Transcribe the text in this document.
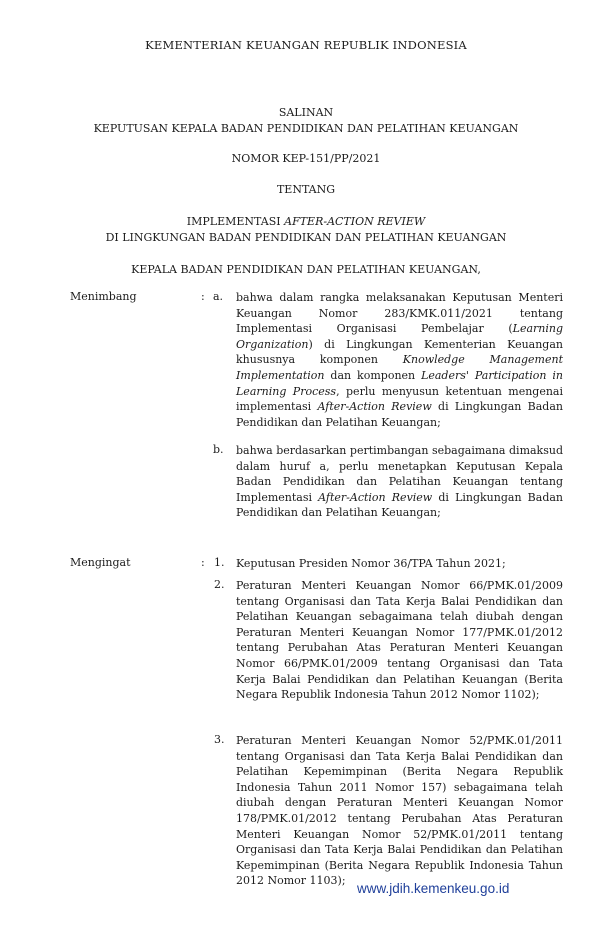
KEMENTERIAN KEUANGAN REPUBLIK INDONESIA
SALINAN
KEPUTUSAN KEPALA BADAN PENDIDIKAN DAN PELATIHAN KEUANGAN
NOMOR KEP-151/PP/2021
TENTANG
IMPLEMENTASI AFTER-ACTION REVIEW
DI LINGKUNGAN BADAN PENDIDIKAN DAN PELATIHAN KEUANGAN
KEPALA BADAN PENDIDIKAN DAN PELATIHAN KEUANGAN,
Menimbang	: a. bahwa dalam rangka melaksanakan Keputusan Menteri Keuangan Nomor 283/KMK.011/2021 tentang Implementasi Organisasi Pembelajar (Learning Organization) di Lingkungan Kementerian Keuangan khususnya komponen Knowledge Management Implementation dan komponen Leaders' Participation in Learning Process, perlu menyusun ketentuan mengenai implementasi After-Action Review di Lingkungan Badan Pendidikan dan Pelatihan Keuangan;
b. bahwa berdasarkan pertimbangan sebagaimana dimaksud dalam huruf a, perlu menetapkan Keputusan Kepala Badan Pendidikan dan Pelatihan Keuangan tentang Implementasi After-Action Review di Lingkungan Badan Pendidikan dan Pelatihan Keuangan;
Mengingat	: 1. Keputusan Presiden Nomor 36/TPA Tahun 2021;
2. Peraturan Menteri Keuangan Nomor 66/PMK.01/2009 tentang Organisasi dan Tata Kerja Balai Pendidikan dan Pelatihan Keuangan sebagaimana telah diubah dengan Peraturan Menteri Keuangan Nomor 177/PMK.01/2012 tentang Perubahan Atas Peraturan Menteri Keuangan Nomor 66/PMK.01/2009 tentang Organisasi dan Tata Kerja Balai Pendidikan dan Pelatihan Keuangan (Berita Negara Republik Indonesia Tahun 2012 Nomor 1102);
3. Peraturan Menteri Keuangan Nomor 52/PMK.01/2011 tentang Organisasi dan Tata Kerja Balai Pendidikan dan Pelatihan Kepemimpinan (Berita Negara Republik Indonesia Tahun 2011 Nomor 157) sebagaimana telah diubah dengan Peraturan Menteri Keuangan Nomor 178/PMK.01/2012 tentang Perubahan Atas Peraturan Menteri Keuangan Nomor 52/PMK.01/2011 tentang Organisasi dan Tata Kerja Balai Pendidikan dan Pelatihan Kepemimpinan (Berita Negara Republik Indonesia Tahun 2012 Nomor 1103);
www.jdih.kemenkeu.go.id
